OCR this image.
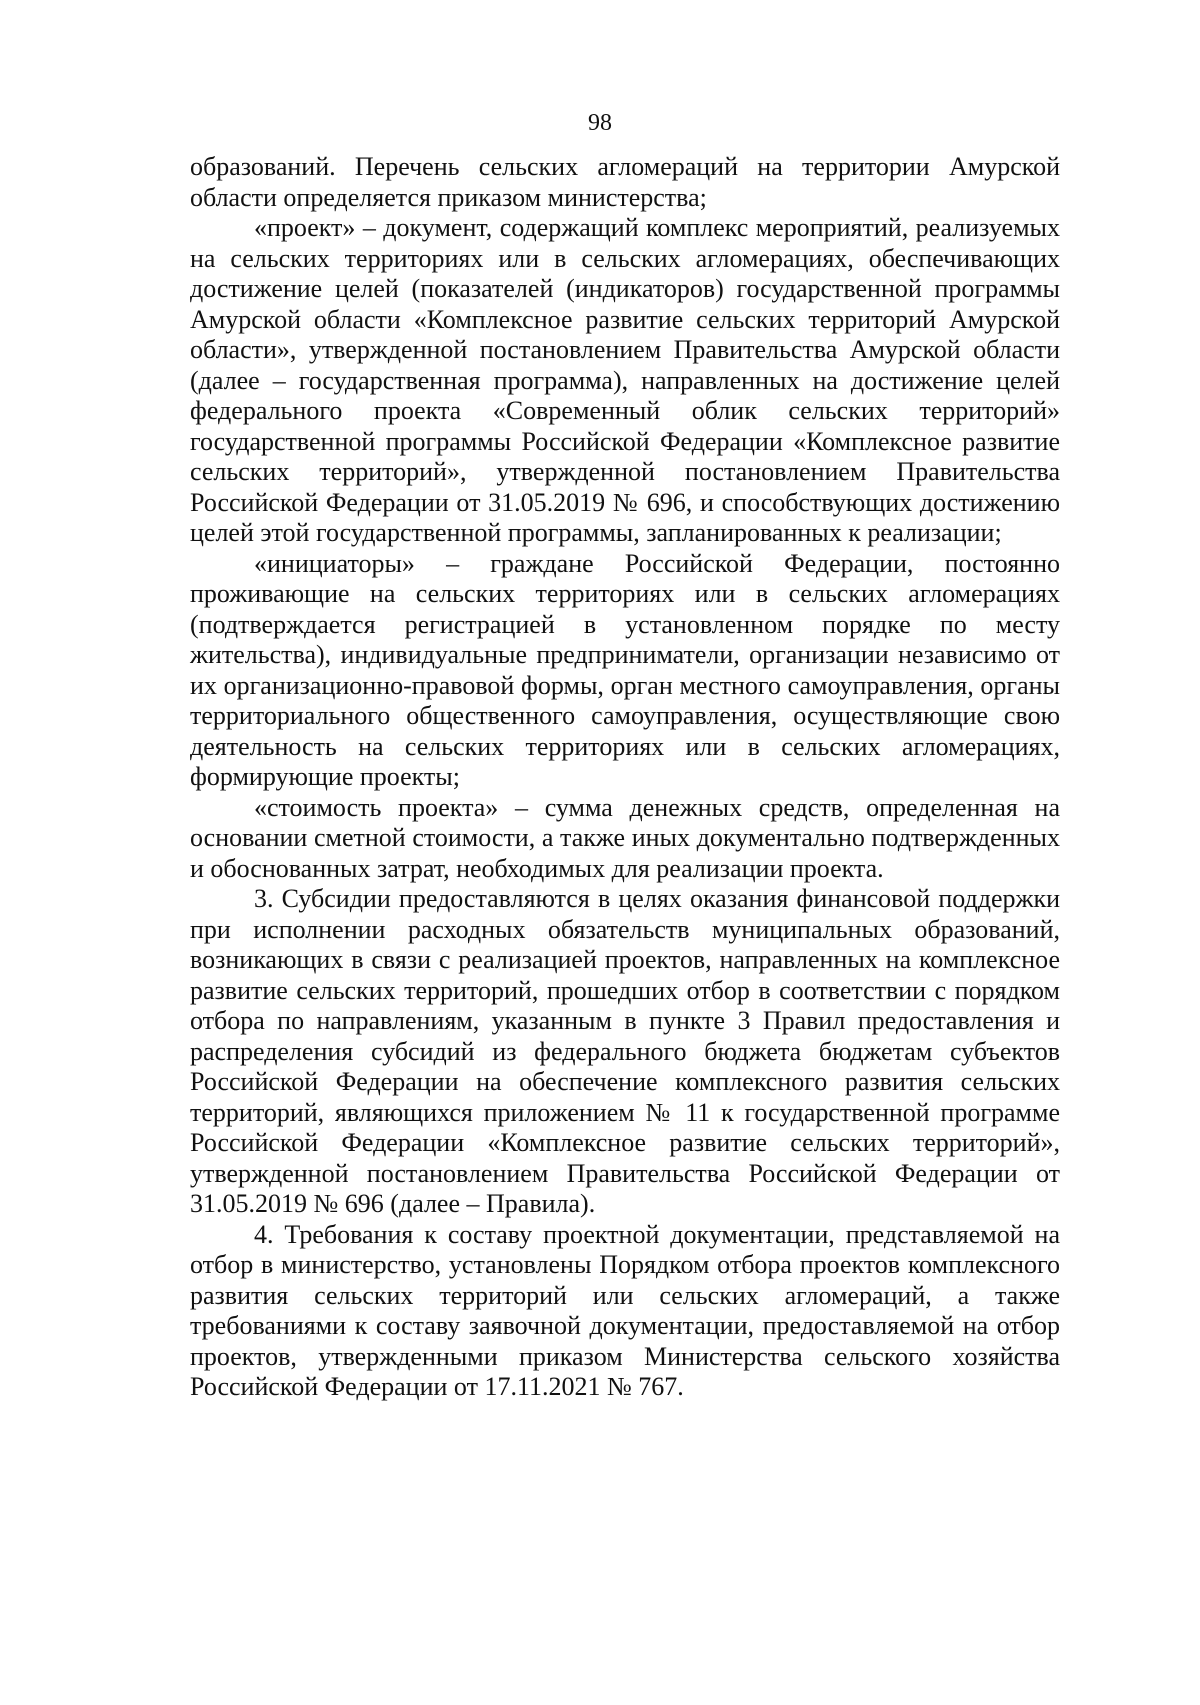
98

образований. Перечень сельских агломераций на территории Амурской области определяется приказом министерства;

«проект» – документ, содержащий комплекс мероприятий, реализуемых на сельских территориях или в сельских агломерациях, обеспечивающих достижение целей (показателей (индикаторов) государственной программы Амурской области «Комплексное развитие сельских территорий Амурской области», утвержденной постановлением Правительства Амурской области (далее – государственная программа), направленных на достижение целей федерального проекта «Современный облик сельских территорий» государственной программы Российской Федерации «Комплексное развитие сельских территорий», утвержденной постановлением Правительства Российской Федерации от 31.05.2019 № 696, и способствующих достижению целей этой государственной программы, запланированных к реализации;

«инициаторы» – граждане Российской Федерации, постоянно проживающие на сельских территориях или в сельских агломерациях (подтверждается регистрацией в установленном порядке по месту жительства), индивидуальные предприниматели, организации независимо от их организационно-правовой формы, орган местного самоуправления, органы территориального общественного самоуправления, осуществляющие свою деятельность на сельских территориях или в сельских агломерациях, формирующие проекты;

«стоимость проекта» – сумма денежных средств, определенная на основании сметной стоимости, а также иных документально подтвержденных и обоснованных затрат, необходимых для реализации проекта.

3. Субсидии предоставляются в целях оказания финансовой поддержки при исполнении расходных обязательств муниципальных образований, возникающих в связи с реализацией проектов, направленных на комплексное развитие сельских территорий, прошедших отбор в соответствии с порядком отбора по направлениям, указанным в пункте 3 Правил предоставления и распределения субсидий из федерального бюджета бюджетам субъектов Российской Федерации на обеспечение комплексного развития сельских территорий, являющихся приложением № 11 к государственной программе Российской Федерации «Комплексное развитие сельских территорий», утвержденной постановлением Правительства Российской Федерации от 31.05.2019 № 696 (далее – Правила).

4. Требования к составу проектной документации, представляемой на отбор в министерство, установлены Порядком отбора проектов комплексного развития сельских территорий или сельских агломераций, а также требованиями к составу заявочной документации, предоставляемой на отбор проектов, утвержденными приказом Министерства сельского хозяйства Российской Федерации от 17.11.2021 № 767.
